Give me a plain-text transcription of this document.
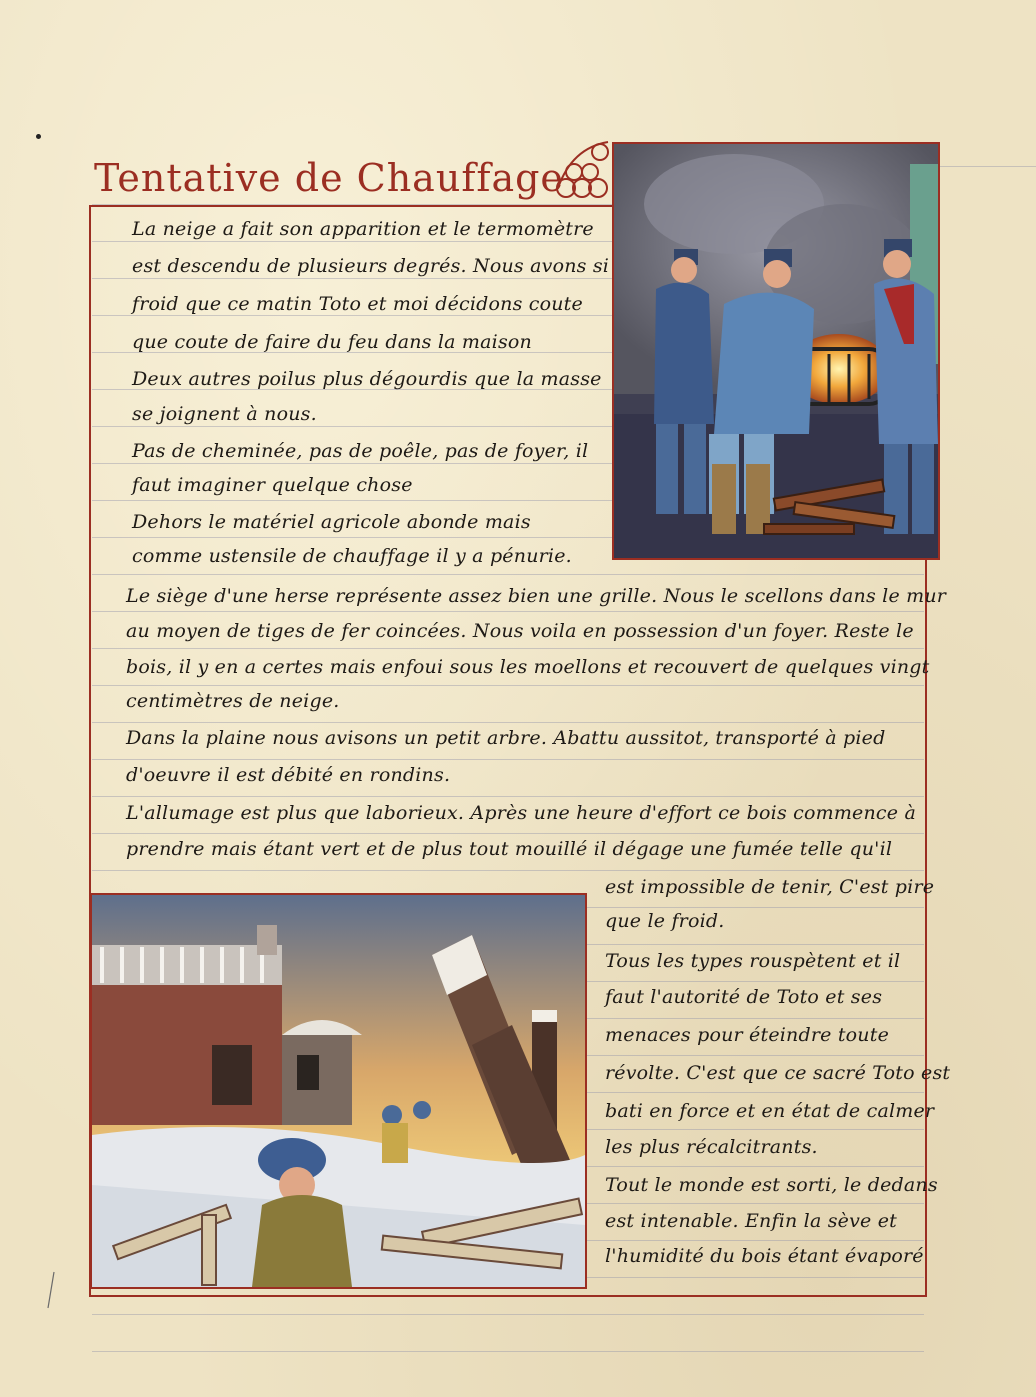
Tentative de Chauffage
La neige a fait son apparition et le termomètre
est descendu de plusieurs degrés. Nous avons si
froid que ce matin Toto et moi décidons coute
que coute de faire du feu dans la maison
Deux autres poilus plus dégourdis que la masse
se joignent à nous.
Pas de cheminée, pas de poêle, pas de foyer, il
faut imaginer quelque chose
Dehors le matériel agricole abonde mais
comme ustensile de chauffage il y a pénurie.
Le siège d'une herse représente assez bien une grille. Nous le scellons dans le mur
au moyen de tiges de fer coincées. Nous voila en possession d'un foyer. Reste le
bois, il y en a certes mais enfoui sous les moellons et recouvert de quelques vingt
centimètres de neige.
Dans la plaine nous avisons un petit arbre. Abattu aussitot, transporté à pied
d'oeuvre il est débité en rondins.
L'allumage est plus que laborieux. Après une heure d'effort ce bois commence à
prendre mais étant vert et de plus tout mouillé il dégage une fumée telle qu'il
est impossible de tenir, C'est pire
que le froid.
Tous les types rouspètent et il
faut l'autorité de Toto et ses
menaces pour éteindre toute
révolte. C'est que ce sacré Toto est
bati en force et en état de calmer
les plus récalcitrants.
Tout le monde est sorti, le dedans
est intenable. Enfin la sève et
l'humidité du bois étant évaporé
